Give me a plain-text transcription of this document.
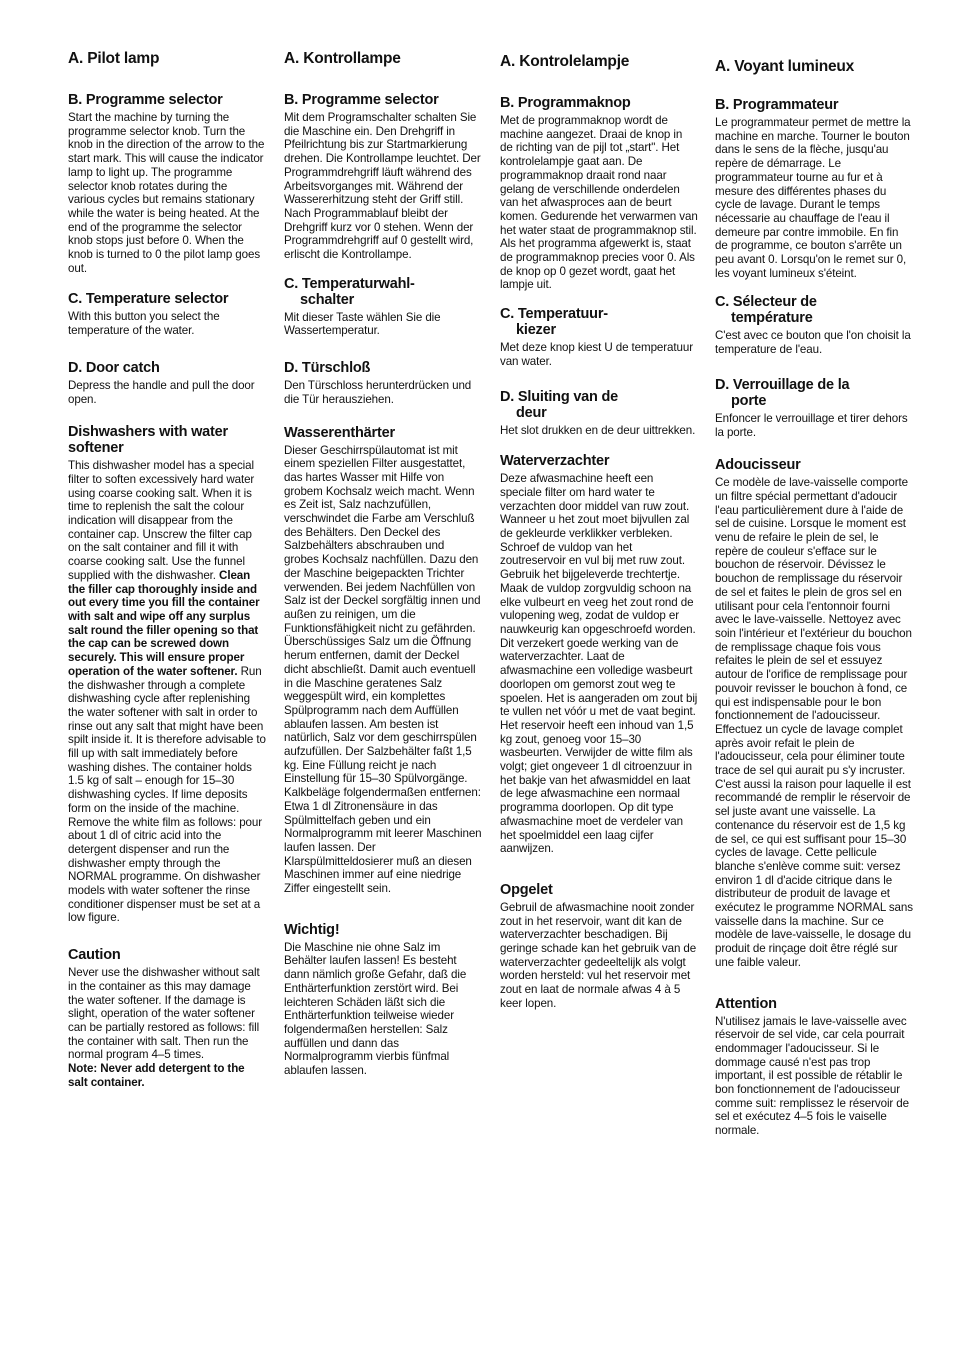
A. Pilot lamp
B. Programme selector

Start the machine by turning the programme selector knob. Turn the knob in the direction of the arrow to the start mark. This will cause the indicator lamp to light up. The programme selector knob rotates during the various cycles but remains stationary while the water is being heated. At the end of the programme the selector knob stops just before 0. When the knob is turned to 0 the pilot lamp goes out.

C. Temperature selector

With this button you select the temperature of the water.

D. Door catch

Depress the handle and pull the door open.

Dishwashers with water softener

This dishwasher model has a special filter to soften excessively hard water using coarse cooking salt. When it is time to replenish the salt the colour indication will disappear from the container cap. Unscrew the filter cap on the salt container and fill it with coarse cooking salt. Use the funnel supplied with the dishwasher. Clean the filler cap thoroughly inside and out every time you fill the container with salt and wipe off any surplus salt round the filler opening so that the cap can be screwed down securely. This will ensure proper operation of the water softener. Run the dishwasher through a complete dishwashing cycle after replenishing the water softener with salt in order to rinse out any salt that might have been spilt inside it. It is therefore advisable to fill up with salt immediately before washing dishes. The container holds 1.5 kg of salt – enough for 15–30 dishwashing cycles. If lime deposits form on the inside of the machine. Remove the white film as follows: pour about 1 dl of citric acid into the detergent dispenser and run the dishwasher empty through the NORMAL programme. On dishwasher models with water softener the rinse conditioner dispenser must be set at a low figure.

Caution

Never use the dishwasher without salt in the container as this may damage the water softener. If the damage is slight, operation of the water softener can be partially restored as follows: fill the container with salt. Then run the normal program 4–5 times.
Note: Never add detergent to the salt container.

A. Kontrollampe
B. Programme selector

Mit dem Programschalter schalten Sie die Maschine ein. Den Drehgriff in Pfeilrichtung bis zur Startmarkierung drehen. Die Kontrollampe leuchtet. Der Programmdrehgriff läuft während des Arbeitsvorganges mit. Während der Wassererhitzung steht der Griff still. Nach Programmablauf bleibt der Drehgriff kurz vor 0 stehen. Wenn der Programmdrehgriff auf 0 gestellt wird, erlischt die Kontrollampe.

C. Temperaturwahl-
schalter

Mit dieser Taste wählen Sie die Wassertemperatur.

D. Türschloß

Den Türschloss herunterdrücken und die Tür herausziehen.

Wasserenthärter

Dieser Geschirrspülautomat ist mit einem speziellen Filter ausgestattet, das hartes Wasser mit Hilfe von grobem Kochsalz weich macht. Wenn es Zeit ist, Salz nachzufüllen, verschwindet die Farbe am Verschluß des Behälters. Den Deckel des Salzbehälters abschrauben und grobes Kochsalz nachfüllen. Dazu den der Maschine beigepackten Trichter verwenden. Bei jedem Nachfüllen von Salz ist der Deckel sorgfältig innen und außen zu reinigen, um die Funktionsfähigkeit nicht zu gefährden. Überschüssiges Salz um die Öffnung herum entfernen, damit der Deckel dicht abschließt. Damit auch eventuell in die Maschine geratenes Salz weggespült wird, ein komplettes Spülprogramm nach dem Auffüllen ablaufen lassen. Am besten ist natürlich, Salz vor dem geschirrspülen aufzufüllen. Der Salzbehälter faßt 1,5 kg. Eine Füllung reicht je nach Einstellung für 15–30 Spülvorgänge. Kalkbeläge folgendermaßen entfernen: Etwa 1 dl Zitronensäure in das Spülmittelfach geben und ein Normalprogramm mit leerer Maschinen laufen lassen. Der Klarspülmitteldosierer muß an diesen Maschinen immer auf eine niedrige Ziffer eingestellt sein.

Wichtig!

Die Maschine nie ohne Salz im Behälter laufen lassen! Es besteht dann nämlich große Gefahr, daß die Enthärterfunktion zerstört wird. Bei leichteren Schäden läßt sich die Enthärterfunktion teilweise wieder folgendermaßen herstellen: Salz auffüllen und dann das Normalprogramm vierbis fünfmal ablaufen lassen.

A. Kontrolelampje
B. Programmaknop

Met de programmaknop wordt de machine aangezet. Draai de knop in de richting van de pijl tot „start". Het kontrolelampje gaat aan. De programmaknop draait rond naar gelang de verschillende onderdelen van het afwasproces aan de beurt komen. Gedurende het verwarmen van het water staat de programmaknop stil. Als het programma afgewerkt is, staat de programmaknop precies voor 0. Als de knop op 0 gezet wordt, gaat het lampje uit.

C. Temperatuur-
kiezer

Met deze knop kiest U de temperatuur van water.

D. Sluiting van de
deur

Het slot drukken en de deur uittrekken.

Waterverzachter

Deze afwasmachine heeft een speciale filter om hard water te verzachten door middel van ruw zout. Wanneer u het zout moet bijvullen zal de gekleurde verklikker verbleken. Schroef de vuldop van het zoutreservoir en vul bij met ruw zout. Gebruik het bijgeleverde trechtertje.
Maak de vuldop zorgvuldig schoon na elke vulbeurt en veeg het zout rond de vulopening weg, zodat de vuldop er nauwkeurig kan opgeschroefd worden.
Dit verzekert goede werking van de waterverzachter. Laat de afwasmachine een volledige wasbeurt doorlopen om gemorst zout weg te spoelen. Het is aangeraden om zout bij te vullen net vóór u met de vaat begint. Het reservoir heeft een inhoud van 1,5 kg zout, genoeg voor 15–30 wasbeurten. Verwijder de witte film als volgt; giet ongeveer 1 dl citroenzuur in het bakje van het afwasmiddel en laat de lege afwasmachine een normaal programma doorlopen. Op dit type afwasmachine moet de verdeler van het spoelmiddel een laag cijfer aanwijzen.

Opgelet

Gebruil de afwasmachine nooit zonder zout in het reservoir, want dit kan de waterverzachter beschadigen. Bij geringe schade kan het gebruik van de waterverzachter gedeeltelijk als volgt worden hersteld: vul het reservoir met zout en laat de normale afwas 4 à 5 keer lopen.

A. Voyant lumineux
B. Programmateur

Le programmateur permet de mettre la machine en marche. Tourner le bouton dans le sens de la flèche, jusqu'au repère de démarrage. Le programmateur tourne au fur et à mesure des différentes phases du cycle de lavage. Durant le temps nécessarie au chauffage de l'eau il demeure par contre immobile. En fin de programme, ce bouton s'arrête un peu avant 0. Lorsqu'on le remet sur 0, les voyant lumineux s'éteint.

C. Sélecteur de
température

C'est avec ce bouton que l'on choisit la temperature de l'eau.

D. Verrouillage de la
porte

Enfoncer le verrouillage et tirer dehors la porte.

Adoucisseur

Ce modèle de lave-vaisselle comporte un filtre spécial permettant d'adoucir l'eau particulièrement dure à l'aide de sel de cuisine. Lorsque le moment est venu de refaire le plein de sel, le repère de couleur s'efface sur le bouchon de réservoir. Dévissez le bouchon de remplissage du réservoir de sel et faites le plein de gros sel en utilisant pour cela l'entonnoir fourni avec le lave-vaisselle. Nettoyez avec soin l'intérieur et l'extérieur du bouchon de remplissage chaque fois vous refaites le plein de sel et essuyez autour de l'orifice de remplissage pour pouvoir revisser le bouchon à fond, ce qui est indispensable pour le bon fonctionnement de l'adoucisseur. Effectuez un cycle de lavage complet après avoir refait le plein de l'adoucisseur, cela pour éliminer toute trace de sel qui aurait pu s'y incruster. C'est aussi la raison pour laquelle il est recommandé de remplir le réservoir de sel juste avant une vaisselle. La contenance du réservoir est de 1,5 kg de sel, ce qui est suffisant pour 15–30 cycles de lavage. Cette pellicule blanche s'enlève comme suit: versez environ 1 dl d'acide citrique dans le distributeur de produit de lavage et exécutez le programme NORMAL sans vaisselle dans la machine. Sur ce modèle de lave-vaisselle, le dosage du produit de rinçage doit être réglé sur une faible valeur.

Attention

N'utilisez jamais le lave-vaisselle avec réservoir de sel vide, car cela pourrait endommager l'adoucisseur. Si le dommage causé n'est pas trop important, il est possible de rétablir le bon fonctionnement de l'adoucisseur comme suit: remplissez le réservoir de sel et exécutez 4–5 fois le vaiselle normale.
